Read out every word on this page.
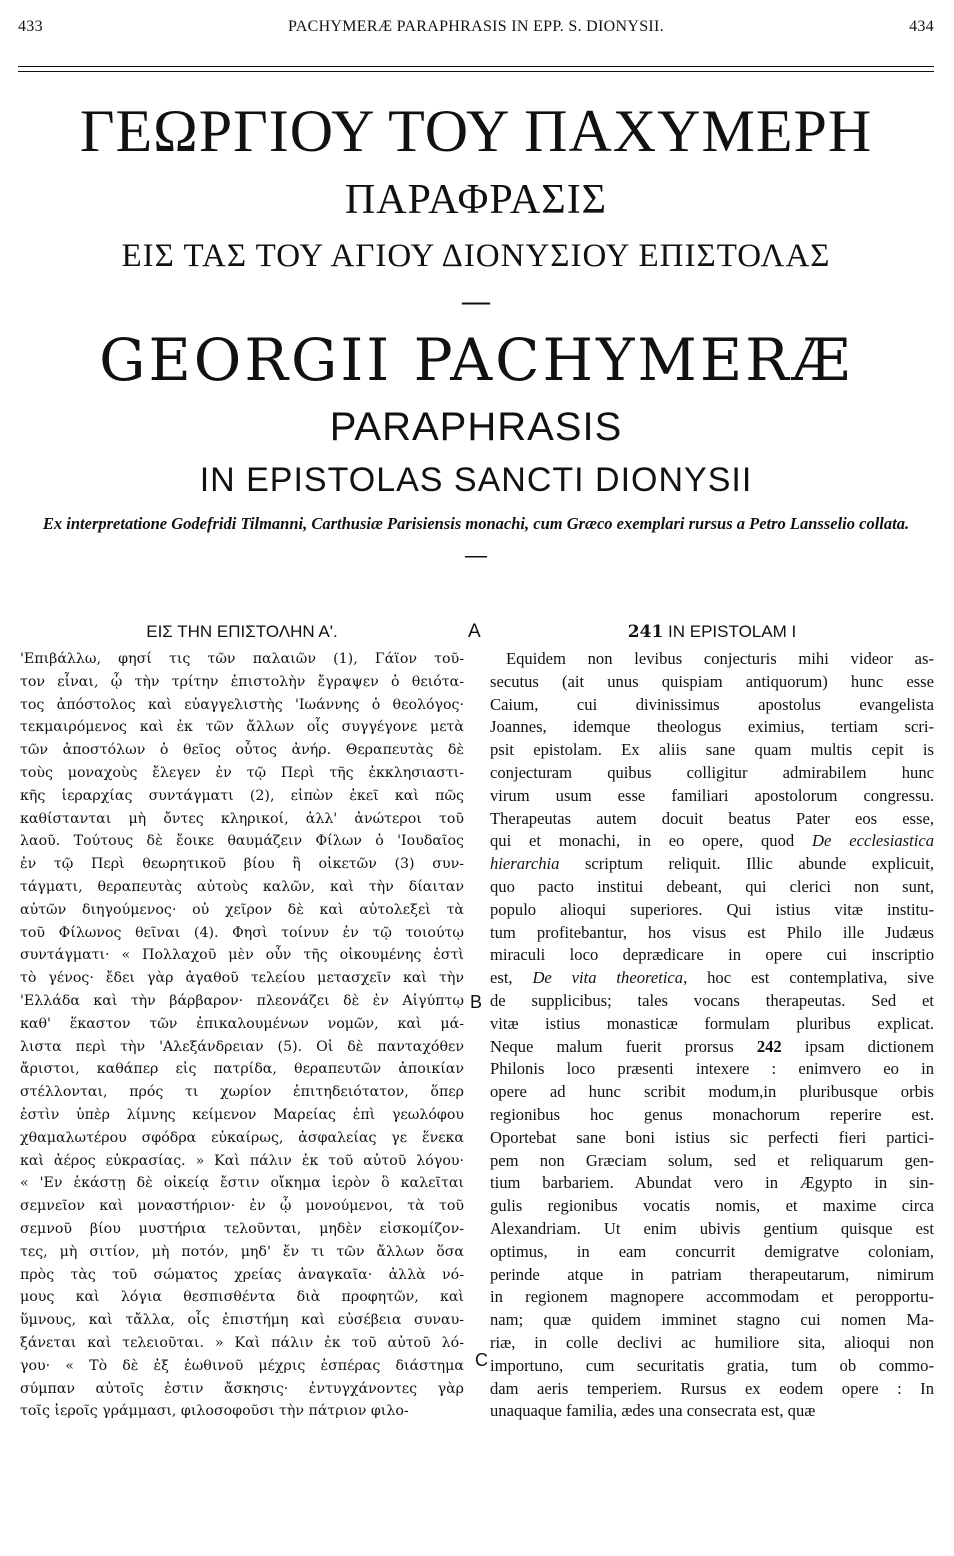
433	PACHYMERÆ PARAPHRASIS IN EPP. S. DIONYSII.	434
ΓΕΩΡΓΙΟΥ ΤΟΥ ΠΑΧΥΜΕΡΗ
ΠΑΡΑΦΡΑΣΙΣ
ΕΙΣ ΤΑΣ ΤΟΥ ΑΓΙΟΥ ΔΙΟΝΥΣΙΟΥ ΕΠΙΣΤΟΛΑΣ
—
GEORGII PACHYMERÆ
PARAPHRASIS
IN EPISTOLAS SANCTI DIONYSII
Ex interpretatione Godefridi Tilmanni, Carthusiæ Parisiensis monachi, cum Græco exemplari rursus a Petro Lansselio collata.
—
A
B
C
ΕΙΣ ΤΗΝ ΕΠΙΣΤΟΛΗΝ Α'.
'Επιβάλλω, φησί τις τῶν παλαιῶν (1), Γάϊον τοῦ-
τον εἶναι, ᾧ τὴν τρίτην ἐπιστολὴν ἔγραψεν ὁ θειότα-
τος ἀπόστολος καὶ εὐαγγελιστὴς 'Ιωάννης ὁ θεολόγος·
τεκμαιρόμενος καὶ ἐκ τῶν ἄλλων οἷς συγγέγονε μετὰ
τῶν ἀποστόλων ὁ θεῖος οὗτος ἀνήρ. Θεραπευτὰς δὲ
τοὺς μοναχοὺς ἔλεγεν ἐν τῷ Περὶ τῆς ἐκκλησιαστι-
κῆς ἱεραρχίας συντάγματι (2), εἰπὼν ἐκεῖ καὶ πῶς
καθίστανται μὴ ὄντες κληρικοί, ἀλλ' ἀνώτεροι τοῦ
λαοῦ. Τούτους δὲ ἔοικε θαυμάζειν Φίλων ὁ 'Ιουδαῖος
ἐν τῷ Περὶ θεωρητικοῦ βίου ἢ οἰκετῶν (3) συν-
τάγματι, θεραπευτὰς αὐτοὺς καλῶν, καὶ τὴν δίαιταν
αὐτῶν διηγούμενος· οὐ χεῖρον δὲ καὶ αὐτολεξεὶ τὰ
τοῦ Φίλωνος θεῖναι (4). Φησὶ τοίνυν ἐν τῷ τοιούτῳ
συντάγματι· « Πολλαχοῦ μὲν οὖν τῆς οἰκουμένης ἐστὶ
τὸ γένος· ἔδει γὰρ ἀγαθοῦ τελείου μετασχεῖν καὶ τὴν
'Ελλάδα καὶ τὴν βάρβαρον· πλεονάζει δὲ ἐν Αἰγύπτῳ
καθ' ἕκαστον τῶν ἐπικαλουμένων νομῶν, καὶ μά-
λιστα περὶ τὴν 'Αλεξάνδρειαν (5). Οἱ δὲ πανταχόθεν
ἄριστοι, καθάπερ εἰς πατρίδα, θεραπευτῶν ἀποικίαν
στέλλονται, πρός τι χωρίον ἐπιτηδειότατον, ὅπερ
ἐστὶν ὑπὲρ λίμνης κείμενον Μαρείας ἐπὶ γεωλόφου
χθαμαλωτέρου σφόδρα εὐκαίρως, ἀσφαλείας γε ἕνεκα
καὶ ἀέρος εὐκρασίας. » Καὶ πάλιν ἐκ τοῦ αὐτοῦ λόγου·
« 'Εν ἑκάστῃ δὲ οἰκείᾳ ἔστιν οἴκημα ἱερὸν ὃ καλεῖται
σεμνεῖον καὶ μοναστήριον· ἐν ᾧ μονούμενοι, τὰ τοῦ
σεμνοῦ βίου μυστήρια τελοῦνται, μηδὲν εἰσκομίζον-
τες, μὴ σιτίον, μὴ ποτόν, μηδ' ἔν τι τῶν ἄλλων ὅσα
πρὸς τὰς τοῦ σώματος χρείας ἀναγκαῖα· ἀλλὰ νό-
μους καὶ λόγια θεσπισθέντα διὰ προφητῶν, καὶ
ὕμνους, καὶ τἄλλα, οἷς ἐπιστήμη καὶ εὐσέβεια συναυ-
ξάνεται καὶ τελειοῦται. » Καὶ πάλιν ἐκ τοῦ αὐτοῦ λό-
γου· « Τὸ δὲ ἐξ ἑωθινοῦ μέχρις ἑσπέρας διάστημα
σύμπαν αὐτοῖς ἐστιν ἄσκησις· ἐντυγχάνοντες γὰρ
τοῖς ἱεροῖς γράμμασι, φιλοσοφοῦσι τὴν πάτριον φιλο-
241 IN EPISTOLAM I
Equidem non levibus conjecturis mihi videor as-
secutus (ait unus quispiam antiquorum) hunc esse
Caium, cui divinissimus apostolus evangelista
Joannes, idemque theologus eximius, tertiam scri-
psit epistolam. Ex aliis sane quam multis cepit is
conjecturam quibus colligitur admirabilem hunc
virum usum esse familiari apostolorum congressu.
Therapeutas autem docuit beatus Pater eos esse,
qui et monachi, in eo opere, quod De ecclesiastica
hierarchia scriptum reliquit. Illic abunde explicuit,
quo pacto institui debeant, qui clerici non sunt,
populo alioqui superiores. Qui istius vitæ institu-
tum profitebantur, hos visus est Philo ille Judæus
miraculi loco deprædicare in opere cui inscriptio
est, De vita theoretica, hoc est contemplativa, sive
de supplicibus; tales vocans therapeutas. Sed et
vitæ istius monasticæ formulam pluribus explicat.
Neque malum fuerit prorsus 242 ipsam dictionem
Philonis loco præsenti intexere : enimvero eo in
opere ad hunc scribit modum,in pluribusque orbis
regionibus hoc genus monachorum reperire est.
Oportebat sane boni istius sic perfecti fieri partici-
pem non Græciam solum, sed et reliquarum gen-
tium barbariem. Abundat vero in Ægypto in sin-
gulis regionibus vocatis nomis, et maxime circa
Alexandriam. Ut enim ubivis gentium quisque est
optimus, in eam concurrit demigratve coloniam,
perinde atque in patriam therapeutarum, nimirum
in regionem magnopere accommodam et peropportu-
nam; quæ quidem imminet stagno cui nomen Ma-
riæ, in colle declivi ac humiliore sita, alioqui non
importuno, cum securitatis gratia, tum ob commo-
dam aeris temperiem. Rursus ex eodem opere : In
unaquaque familia, ædes una consecrata est, quæ
